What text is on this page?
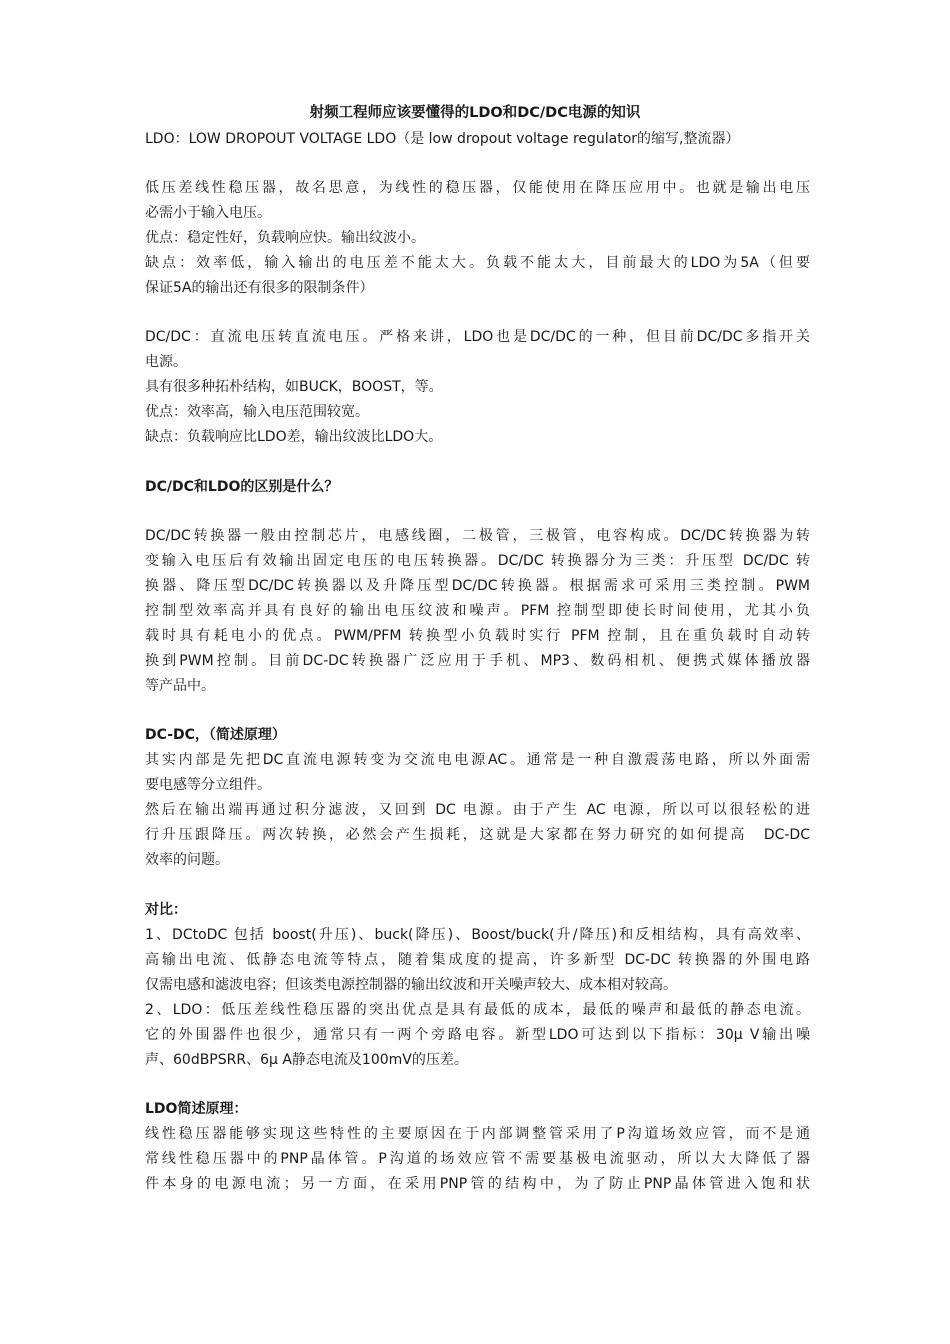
射频工程师应该要懂得的LDO和DC/DC电源的知识
LDO：LOW DROPOUT VOLTAGE LDO（是 low dropout voltage regulator的缩写,整流器）
低压差线性稳压器，故名思意，为线性的稳压器，仅能使用在降压应用中。也就是输出电压
必需小于输入电压。
优点：稳定性好，负载响应快。输出纹波小。
缺点：效率低，输入输出的电压差不能太大。负载不能太大，目前最大的LDO为5A（但要
保证5A的输出还有很多的限制条件）
DC/DC：直流电压转直流电压。严格来讲，LDO也是DC/DC的一种，但目前DC/DC多指开关
电源。
具有很多种拓朴结构，如BUCK，BOOST，等。
优点：效率高，输入电压范围较宽。
缺点：负载响应比LDO差，输出纹波比LDO大。
DC/DC和LDO的区别是什么？
DC/DC转换器一般由控制芯片，电感线圈，二极管，三极管，电容构成。DC/DC转换器为转
变输入电压后有效输出固定电压的电压转换器。DC/DC 转换器分为三类：升压型 DC/DC 转
换器、降压型DC/DC转换器以及升降压型DC/DC转换器。根据需求可采用三类控制。PWM
控制型效率高并具有良好的输出电压纹波和噪声。PFM 控制型即使长时间使用，尤其小负
载时具有耗电小的优点。PWM/PFM 转换型小负载时实行 PFM 控制，且在重负载时自动转
换到PWM控制。目前DC-DC转换器广泛应用于手机、MP3、数码相机、便携式媒体播放器
等产品中。
DC-DC，（简述原理）
其实内部是先把DC直流电源转变为交流电电源AC。通常是一种自激震荡电路，所以外面需
要电感等分立组件。
然后在输出端再通过积分滤波，又回到 DC 电源。由于产生 AC 电源，所以可以很轻松的进
行升压跟降压。两次转换，必然会产生损耗，这就是大家都在努力研究的如何提高　DC-DC
效率的问题。
对比：
1、DCtoDC 包括 boost(升压)、buck(降压)、Boost/buck(升/降压)和反相结构，具有高效率、
高输出电流、低静态电流等特点，随着集成度的提高，许多新型 DC-DC 转换器的外围电路
仅需电感和滤波电容；但该类电源控制器的输出纹波和开关噪声较大、成本相对较高。
2、LDO：低压差线性稳压器的突出优点是具有最低的成本，最低的噪声和最低的静态电流。
它的外围器件也很少，通常只有一两个旁路电容。新型LDO可达到以下指标：30μ V输出噪
声、60dBPSRR、6μ A静态电流及100mV的压差。
LDO简述原理：
线性稳压器能够实现这些特性的主要原因在于内部调整管采用了P沟道场效应管，而不是通
常线性稳压器中的PNP晶体管。P沟道的场效应管不需要基极电流驱动，所以大大降低了器
件本身的电源电流；另一方面，在采用PNP管的结构中，为了防止PNP晶体管进入饱和状
